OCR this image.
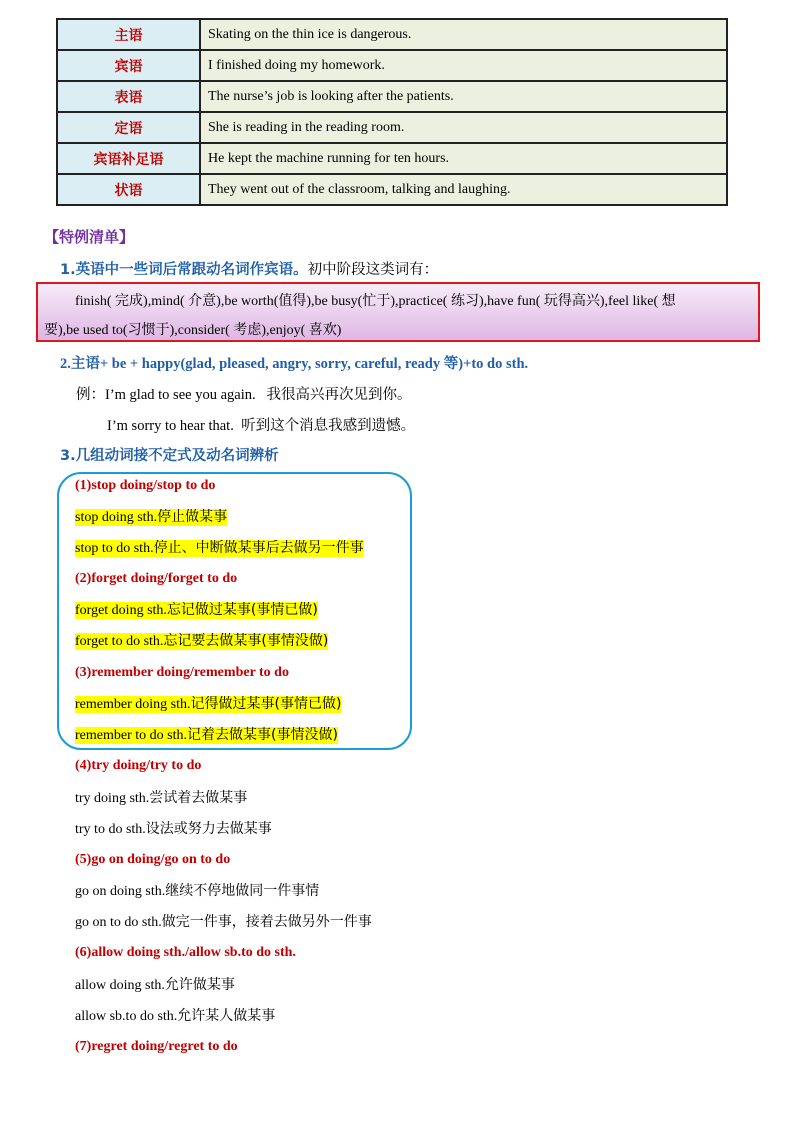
主语	Skating on the thin ice is dangerous.
宾语	I finished doing my homework.
表语	The nurse’s job is looking after the patients.
定语	She is reading in the reading room.
宾语补足语	He kept the machine running for ten hours.
状语	They went out of the classroom, talking and laughing.
【特例清单】
1.英语中一些词后常跟动名词作宾语。初中阶段这类词有：
finish( 完成),mind( 介意),be worth(值得),be busy(忙于),practice( 练习),have fun( 玩得高兴),feel like( 想
要),be used to(习惯于),consider( 考虑),enjoy( 喜欢)
2.主语+ be + happy(glad, pleased, angry, sorry, careful, ready 等)+to do sth.
例：I’m glad to see you again. 我很高兴再次见到你。
I’m sorry to hear that. 听到这个消息我感到遗憾。
3.几组动词接不定式及动名词辨析
(1)stop doing/stop to do
stop doing sth.停止做某事
stop to do sth.停止、中断做某事后去做另一件事
(2)forget doing/forget to do
forget doing sth.忘记做过某事(事情已做)
forget to do sth.忘记要去做某事(事情没做)
(3)remember doing/remember to do
remember doing sth.记得做过某事(事情已做)
remember to do sth.记着去做某事(事情没做)
(4)try doing/try to do
try doing sth.尝试着去做某事
try to do sth.设法或努力去做某事
(5)go on doing/go on to do
go on doing sth.继续不停地做同一件事情
go on to do sth.做完一件事，接着去做另外一件事
(6)allow doing sth./allow sb.to do sth.
allow doing sth.允许做某事
allow sb.to do sth.允许某人做某事
(7)regret doing/regret to do
